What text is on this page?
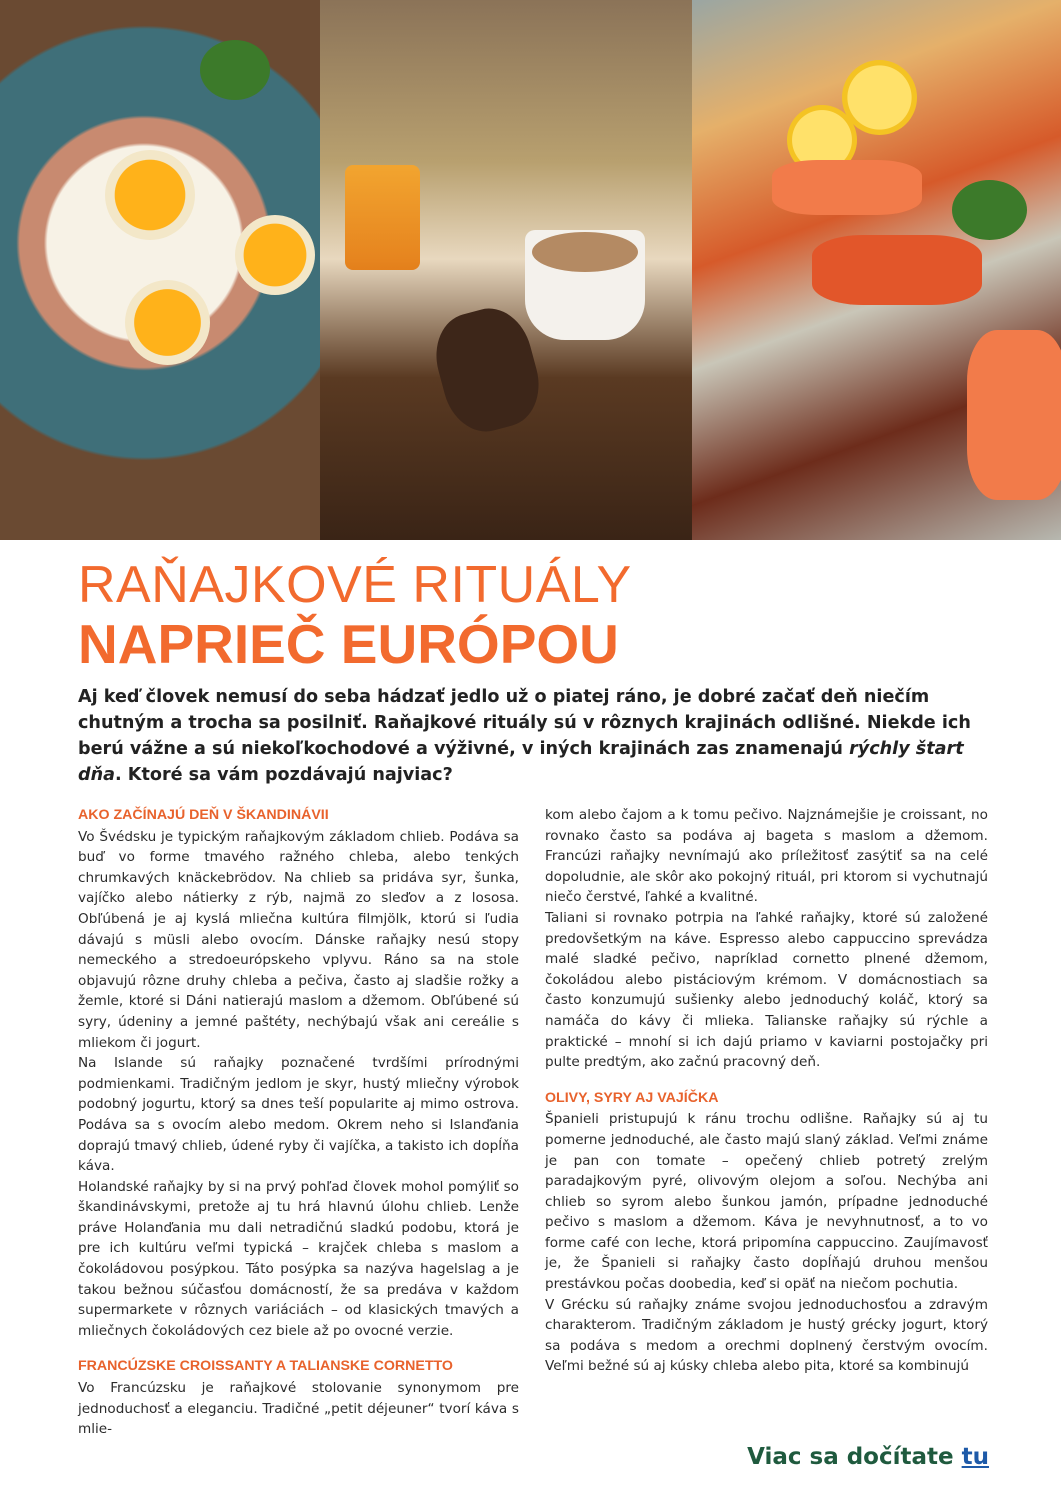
RAŇAJKOVÉ RITUÁLY
NAPRIEČ EURÓPOU

Aj keď človek nemusí do seba hádzať jedlo už o piatej ráno, je dobré začať deň niečím chutným a trocha sa posilniť. Raňajkové rituály sú v rôznych krajinách odlišné. Niekde ich berú vážne a sú niekoľkochodové a výživné, v iných krajinách zas znamenajú rýchly štart dňa. Ktoré sa vám pozdávajú najviac?

AKO ZAČÍNAJÚ DEŇ V ŠKANDINÁVII

Vo Švédsku je typickým raňajkovým základom chlieb. Podáva sa buď vo forme tmavého ražného chleba, alebo tenkých chrumkavých knäckebrödov. Na chlieb sa pridáva syr, šunka, vajíčko alebo nátierky z rýb, najmä zo sleďov a z lososa. Obľúbená je aj kyslá mliečna kultúra filmjölk, ktorú si ľudia dávajú s müsli alebo ovocím. Dánske raňajky nesú stopy nemeckého a stredoeurópskeho vplyvu. Ráno sa na stole objavujú rôzne druhy chleba a pečiva, často aj sladšie rožky a žemle, ktoré si Dáni natierajú maslom a džemom. Obľúbené sú syry, údeniny a jemné paštéty, nechýbajú však ani cereálie s mliekom či jogurt.

Na Islande sú raňajky poznačené tvrdšími prírodnými podmienkami. Tradičným jedlom je skyr, hustý mliečny výrobok podobný jogurtu, ktorý sa dnes teší popularite aj mimo ostrova. Podáva sa s ovocím alebo medom. Okrem neho si Islanďania doprajú tmavý chlieb, údené ryby či vajíčka, a takisto ich dopĺňa káva.

Holandské raňajky by si na prvý pohľad človek mohol pomýliť so škandinávskymi, pretože aj tu hrá hlavnú úlohu chlieb. Lenže práve Holanďania mu dali netradičnú sladkú podobu, ktorá je pre ich kultúru veľmi typická – krajček chleba s maslom a čokoládovou posýpkou. Táto posýpka sa nazýva hagelslag a je takou bežnou súčasťou domácností, že sa predáva v každom supermarkete v rôznych variáciách – od klasických tmavých a mliečnych čokoládových cez biele až po ovocné verzie.

FRANCÚZSKE CROISSANTY A TALIANSKE CORNETTO

Vo Francúzsku je raňajkové stolovanie synonymom pre jednoduchosť a eleganciu. Tradičné „petit déjeuner“ tvorí káva s mlie-

kom alebo čajom a k tomu pečivo. Najznámejšie je croissant, no rovnako často sa podáva aj bageta s maslom a džemom. Francúzi raňajky nevnímajú ako príležitosť zasýtiť sa na celé dopoludnie, ale skôr ako pokojný rituál, pri ktorom si vychutnajú niečo čerstvé, ľahké a kvalitné.

Taliani si rovnako potrpia na ľahké raňajky, ktoré sú založené predovšetkým na káve. Espresso alebo cappuccino sprevádza malé sladké pečivo, napríklad cornetto plnené džemom, čokoládou alebo pistáciovým krémom. V domácnostiach sa často konzumujú sušienky alebo jednoduchý koláč, ktorý sa namáča do kávy či mlieka. Talianske raňajky sú rýchle a praktické – mnohí si ich dajú priamo v kaviarni postojačky pri pulte predtým, ako začnú pracovný deň.

OLIVY, SYRY AJ VAJÍČKA

Španieli pristupujú k ránu trochu odlišne. Raňajky sú aj tu pomerne jednoduché, ale často majú slaný základ. Veľmi známe je pan con tomate – opečený chlieb potretý zrelým paradajkovým pyré, olivovým olejom a soľou. Nechýba ani chlieb so syrom alebo šunkou jamón, prípadne jednoduché pečivo s maslom a džemom. Káva je nevyhnutnosť, a to vo forme café con leche, ktorá pripomína cappuccino. Zaujímavosť je, že Španieli si raňajky často dopĺňajú druhou menšou prestávkou počas doobedia, keď si opäť na niečom pochutia.

V Grécku sú raňajky známe svojou jednoduchosťou a zdravým charakterom. Tradičným základom je hustý grécky jogurt, ktorý sa podáva s medom a orechmi doplnený čerstvým ovocím. Veľmi bežné sú aj kúsky chleba alebo pita, ktoré sa kombinujú

Viac sa dočítate tu
